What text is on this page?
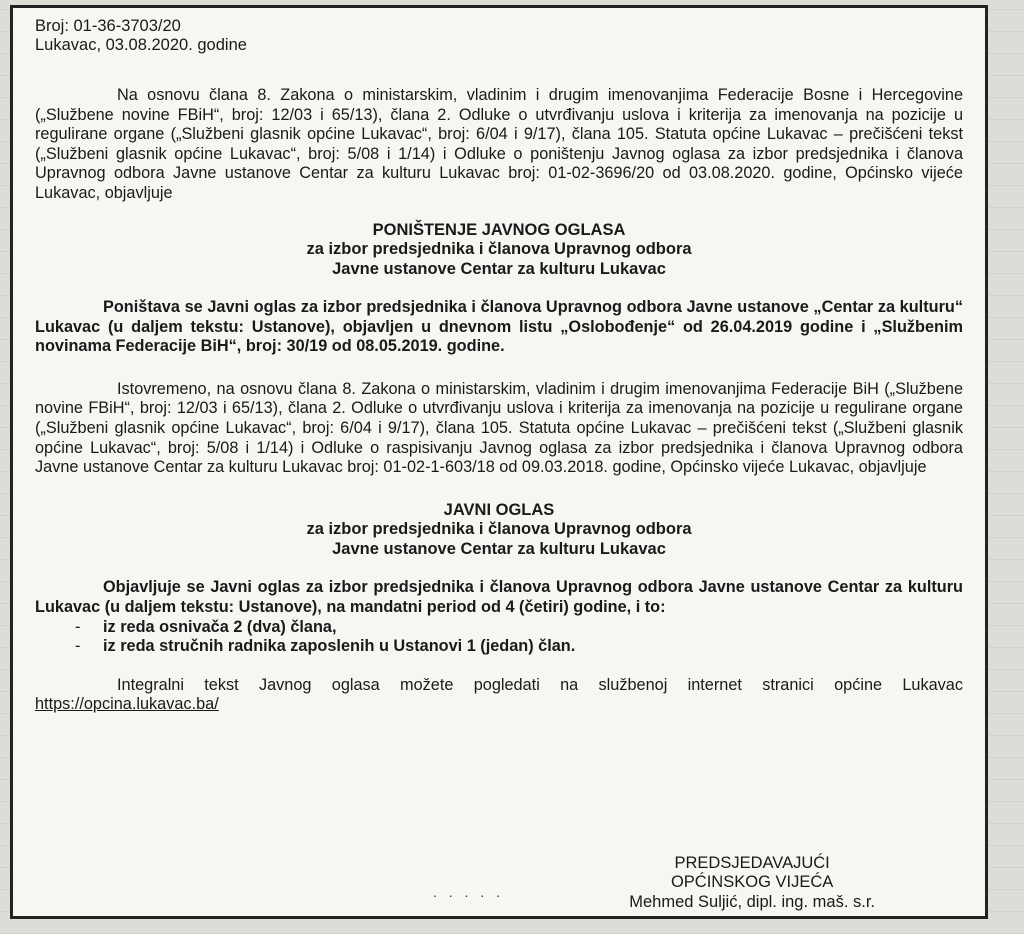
Broj: 01-36-3703/20

Lukavac, 03.08.2020. godine

Na osnovu člana 8. Zakona o ministarskim, vladinim i drugim imenovanjima Federacije Bosne i Hercegovine („Službene novine FBiH“, broj: 12/03 i 65/13), člana 2. Odluke o utvrđivanju uslova i kriterija za imenovanja na pozicije u regulirane organe („Službeni glasnik općine Lukavac“, broj: 6/04 i 9/17), člana 105. Statuta općine Lukavac – prečišćeni tekst („Službeni glasnik općine Lukavac“, broj: 5/08 i 1/14) i Odluke o poništenju Javnog oglasa za izbor predsjednika i članova Upravnog odbora Javne ustanove Centar za kulturu Lukavac broj: 01-02-3696/20 od 03.08.2020. godine, Općinsko vijeće Lukavac, objavljuje

PONIŠTENJE JAVNOG OGLASA
za izbor predsjednika i članova Upravnog odbora
Javne ustanove Centar za kulturu Lukavac

Poništava se Javni oglas za izbor predsjednika i članova Upravnog odbora Javne ustanove „Centar za kulturu“ Lukavac (u daljem tekstu: Ustanove), objavljen u dnevnom listu „Oslobođenje“ od 26.04.2019 godine i „Službenim novinama Federacije BiH“, broj: 30/19 od 08.05.2019. godine.

Istovremeno, na osnovu člana 8. Zakona o ministarskim, vladinim i drugim imenovanjima Federacije BiH („Službene novine FBiH“, broj: 12/03 i 65/13), člana 2. Odluke o utvrđivanju uslova i kriterija za imenovanja na pozicije u regulirane organe („Službeni glasnik općine Lukavac“, broj: 6/04 i 9/17), člana 105. Statuta općine Lukavac – prečišćeni tekst („Službeni glasnik općine Lukavac“, broj: 5/08 i 1/14) i Odluke o raspisivanju Javnog oglasa za izbor predsjednika i članova Upravnog odbora Javne ustanove Centar za kulturu Lukavac broj: 01-02-1-603/18 od 09.03.2018. godine, Općinsko vijeće Lukavac, objavljuje

JAVNI OGLAS
za izbor predsjednika i članova Upravnog odbora
Javne ustanove Centar za kulturu Lukavac

Objavljuje se Javni oglas za izbor predsjednika i članova Upravnog odbora Javne ustanove Centar za kulturu Lukavac (u daljem tekstu: Ustanove), na mandatni period od 4 (četiri) godine, i to:

- iz reda osnivača 2 (dva) člana,
- iz reda stručnih radnika zaposlenih u Ustanovi 1 (jedan) član.

Integralni tekst Javnog oglasa možete pogledati na službenoj internet stranici općine Lukavac https://opcina.lukavac.ba/

. . . . .
PREDSJEDAVAJUĆI
OPĆINSKOG VIJEĆA
Mehmed Suljić, dipl. ing. maš. s.r.
